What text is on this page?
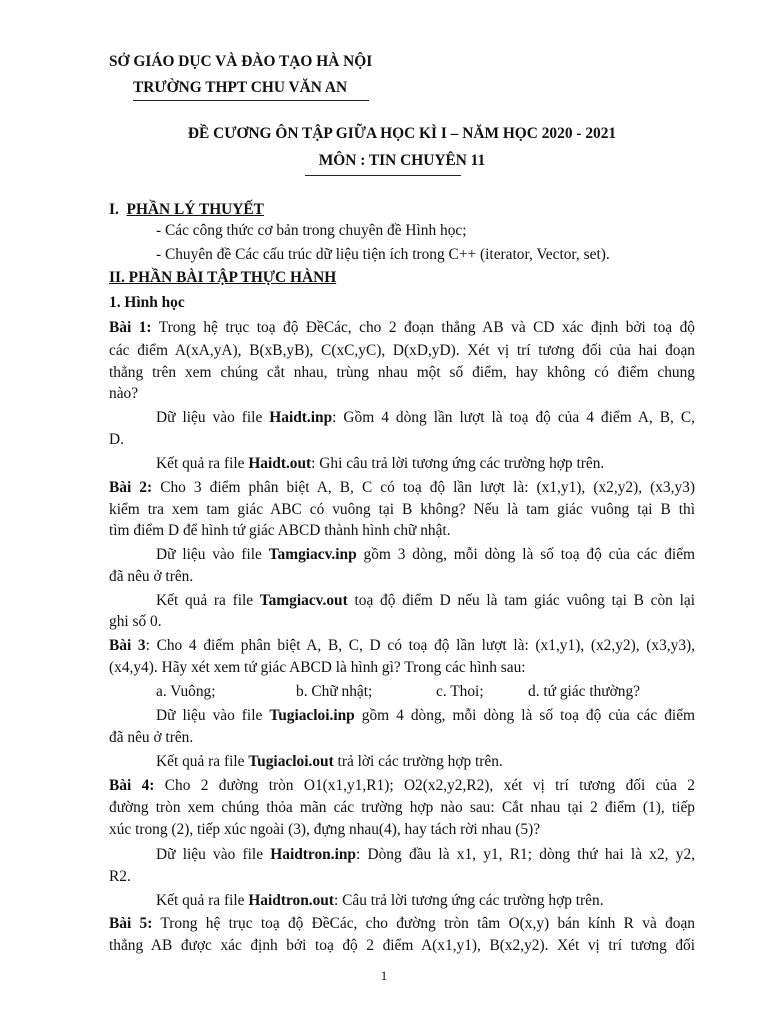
SỞ GIÁO DỤC VÀ ĐÀO TẠO HÀ NỘI
TRƯỜNG THPT CHU VĂN AN
ĐỀ CƯƠNG ÔN TẬP GIỮA HỌC KÌ I – NĂM HỌC 2020 - 2021
MÔN : TIN CHUYÊN 11
I. PHẦN LÝ THUYẾT
- Các công thức cơ bản trong chuyên đề Hình học;
- Chuyên đề Các cấu trúc dữ liệu tiện ích trong C++ (iterator, Vector, set).
II. PHẦN BÀI TẬP THỰC HÀNH
1. Hình học
Bài 1: Trong hệ trục toạ độ ĐềCác, cho 2 đoạn thẳng AB và CD xác định bởi toạ độ
các điểm A(xA,yA), B(xB,yB), C(xC,yC), D(xD,yD). Xét vị trí tương đối của hai đoạn
thẳng trên xem chúng cắt nhau, trùng nhau một số điểm, hay không có điểm chung
nào?
Dữ liệu vào file Haidt.inp: Gồm 4 dòng lần lượt là toạ độ của 4 điểm A, B, C,
D.
Kết quả ra file Haidt.out: Ghi câu trả lời tương ứng các trường hợp trên.
Bài 2: Cho 3 điểm phân biệt A, B, C có toạ độ lần lượt là: (x1,y1), (x2,y2), (x3,y3)
kiểm tra xem tam giác ABC có vuông tại B không? Nếu là tam giác vuông tại B thì
tìm điểm D để hình tứ giác ABCD thành hình chữ nhật.
Dữ liệu vào file Tamgiacv.inp gồm 3 dòng, mỗi dòng là số toạ độ của các điểm
đã nêu ở trên.
Kết quả ra file Tamgiacv.out toạ độ điểm D nếu là tam giác vuông tại B còn lại
ghi số 0.
Bài 3: Cho 4 điểm phân biệt A, B, C, D có toạ độ lần lượt là: (x1,y1), (x2,y2), (x3,y3),
(x4,y4). Hãy xét xem tứ giác ABCD là hình gì? Trong các hình sau:
a. Vuông;	b. Chữ nhật;	c. Thoi;	d. tứ giác thường?
Dữ liệu vào file Tugiacloi.inp gồm 4 dòng, mỗi dòng là số toạ độ của các điểm
đã nêu ở trên.
Kết quả ra file Tugiacloi.out trả lời các trường hợp trên.
Bài 4: Cho 2 đường tròn O1(x1,y1,R1); O2(x2,y2,R2), xét vị trí tương đối của 2
đường tròn xem chúng thỏa mãn các trường hợp nào sau: Cắt nhau tại 2 điểm (1), tiếp
xúc trong (2), tiếp xúc ngoài (3), đựng nhau(4), hay tách rời nhau (5)?
Dữ liệu vào file Haidtron.inp: Dòng đầu là x1, y1, R1; dòng thứ hai là x2, y2,
R2.
Kết quả ra file Haidtron.out: Câu trả lời tương ứng các trường hợp trên.
Bài 5: Trong hệ trục toạ độ ĐềCác, cho đường tròn tâm O(x,y) bán kính R và đoạn
thẳng AB được xác định bởi toạ độ 2 điểm A(x1,y1), B(x2,y2). Xét vị trí tương đối
1
